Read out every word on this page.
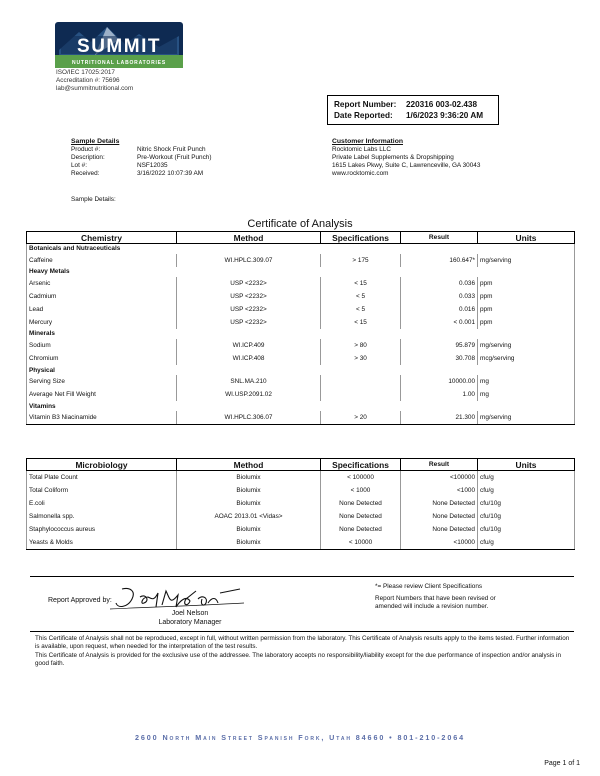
SUMMIT
NUTRITIONAL LABORATORIES
ISO/IEC 17025:2017
Accreditation #: 75696
lab@summitnutritional.com
Report Number:	220316 003-02.438
Date Reported:	1/6/2023 9:36:20 AM
Sample Details
Product #:	Nitric Shock Fruit Punch
Description:	Pre-Workout (Fruit Punch)
Lot #:	NSF12035
Received:	3/16/2022 10:07:39 AM
Customer Information
Rocktomic Labs LLC
Private Label Supplements & Dropshipping
1615 Lakes Pkwy, Suite C, Lawrenceville, GA 30043
www.rocktomic.com
Sample Details:
Certificate of Analysis
Chemistry	Method	Specifications	Result	Units
Botanicals and Nutraceuticals				
Caffeine	WI.HPLC.309.07	> 175	160.647*	mg/serving
Heavy Metals				
Arsenic	USP <2232>	< 15	0.036	ppm
Cadmium	USP <2232>	< 5	0.033	ppm
Lead	USP <2232>	< 5	0.016	ppm
Mercury	USP <2232>	< 15	< 0.001	ppm
Minerals				
Sodium	WI.ICP.409	> 80	95.879	mg/serving
Chromium	WI.ICP.408	> 30	30.708	mcg/serving
Physical				
Serving Size	SNL.MA.210		10000.00	mg
Average Net Fill Weight	WI.USP.2091.02		1.00	mg
Vitamins				
Vitamin B3 Niacinamide	WI.HPLC.306.07	> 20	21.300	mg/serving
Microbiology	Method	Specifications	Result	Units
Total Plate Count	Biolumix	< 100000	<100000	cfu/g
Total Coliform	Biolumix	< 1000	<1000	cfu/g
E.coli	Biolumix	None Detected	None Detected	cfu/10g
Salmonella spp.	AOAC 2013.01 <Vidas>	None Detected	None Detected	cfu/10g
Staphylococcus aureus	Biolumix	None Detected	None Detected	cfu/10g
Yeasts & Molds	Biolumix	< 10000	<10000	cfu/g
Report Approved by:
Joel Nelson
Laboratory Manager
*= Please review Client Specifications
Report Numbers that have been revised or amended will include a revision number.
This Certificate of Analysis shall not be reproduced, except in full, without written permission from the laboratory. This Certificate of Analysis results apply to the items tested. Further information is available, upon request, when needed for the interpretation of the test results.
This Certificate of Analysis is provided for the exclusive use of the addressee. The laboratory accepts no responsibility/liability except for the due performance of inspection and/or analysis in good faith.
2600 North Main Street Spanish Fork, Utah 84660 • 801-210-2064
Page 1 of 1
